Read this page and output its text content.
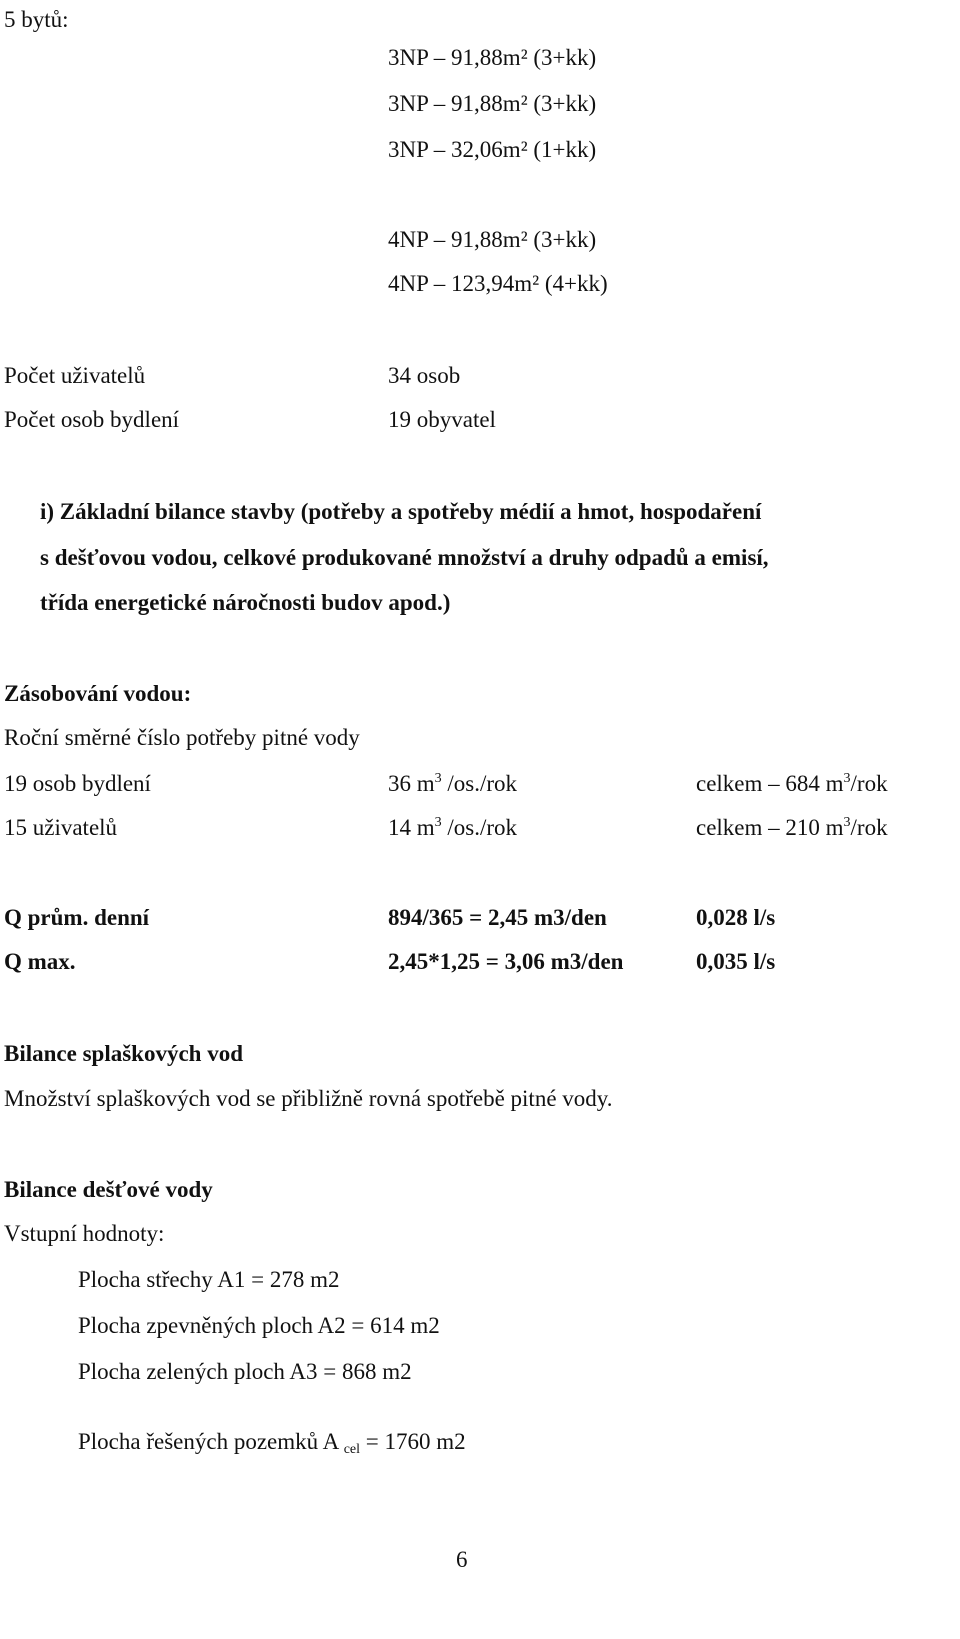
5 bytů:
3NP – 91,88m² (3+kk)
3NP – 91,88m² (3+kk)
3NP – 32,06m² (1+kk)
4NP – 91,88m² (3+kk)
4NP – 123,94m² (4+kk)
Počet uživatelů	34 osob
Počet osob bydlení	19 obyvatel
i) Základní bilance stavby (potřeby a spotřeby médií a hmot, hospodaření
s dešťovou vodou, celkové produkované množství a druhy odpadů a emisí,
třída energetické náročnosti budov apod.)
Zásobování vodou:
Roční směrné číslo potřeby pitné vody
19 osob bydlení	36 $m^3$ /os./rok	celkem – 684 $m^3$/rok
15 uživatelů	14 $m^3$ /os./rok	celkem – 210 $m^3$/rok
Q prům. denní	894/365 = 2,45 m3/den	0,028 l/s
Q max.	2,45*1,25 = 3,06 m3/den	0,035 l/s
Bilance splaškových vod
Množství splaškových vod se přibližně rovná spotřebě pitné vody.
Bilance dešťové vody
Vstupní hodnoty:
Plocha střechy A1 = 278 m2
Plocha zpevněných ploch A2 = 614 m2
Plocha zelených ploch A3 = 868 m2
Plocha řešených pozemků A $_{cel}$ = 1760 m2
6
